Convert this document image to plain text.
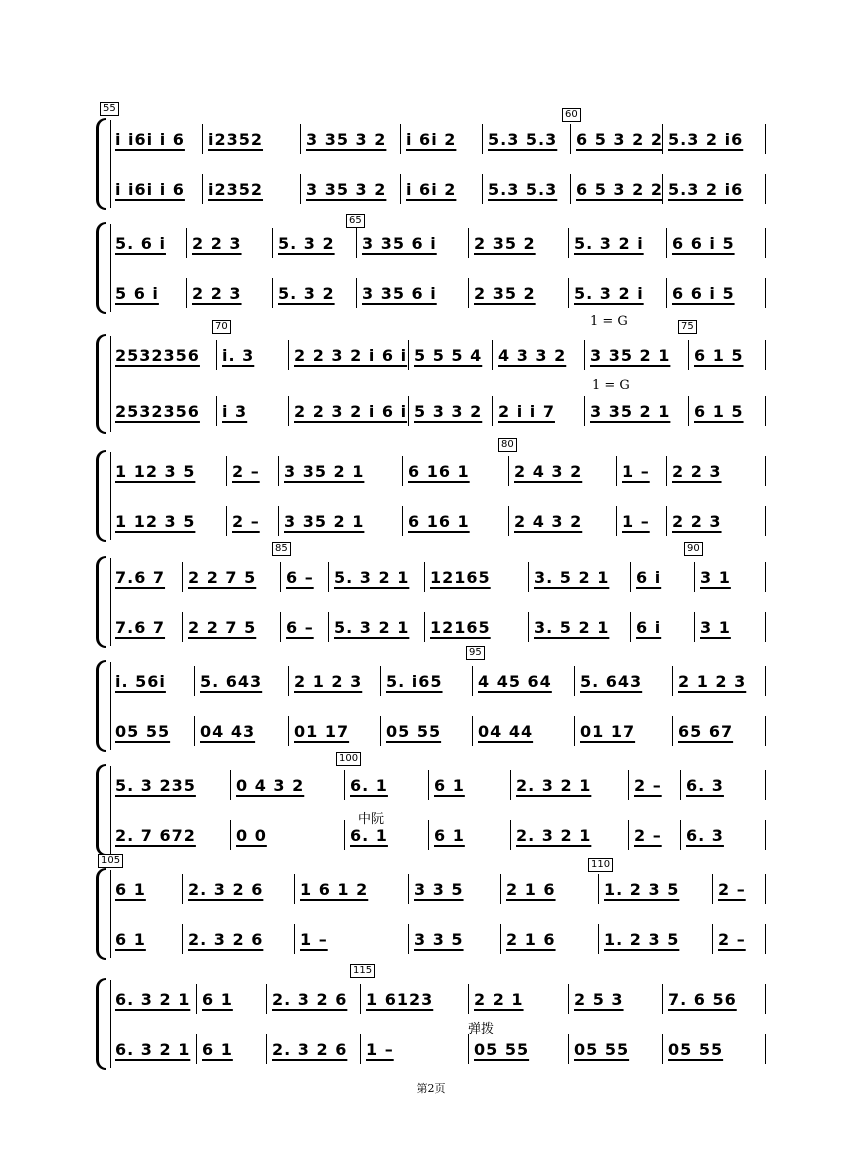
55
60
i i6i i 6 i2352	3 35 3 2 i 6i 2 5.3 5.3 6 5 3 2 2 5.3 2 i6
i i6i i 6 i2352	3 35 3 2 i 6i 2 5.3 5.3 6 5 3 2 2 5.3 2 i6
65
1 = G
5. 6 i 2 2 3 5. 3 2 3 35 6 i 2 35 2 5. 3 2 i 6 6 i 5
5 6 i 2 2 3 5. 3 2 3 35 6 i 2 35 2 5. 3 2 i 6 6 i 5
70	75
1 = G
2532356 i. 3 2 2 3 2 i 6 i 5 5 5 4 4 3 3 2 3 35 2 1 6 1 5
2532356 i 3	2 2 3 2 i 6 i 5 3 3 2 2 i i 7 3 35 2 1 6 1 5
80
1 12 3 5 2 – 3 35 2 1	6 16 1	2 4 3 2 1 – 2 2 3
1 12 3 5 2 – 3 35 2 1	6 16 1	2 4 3 2 1 – 2 2 3
85	90
7.6 7 2 2 7 5 6 – 5. 3 2 1 12165	3. 5 2 1 6 i 3 1
7.6 7 2 2 7 5 6 – 5. 3 2 1 12165	3. 5 2 1 6 i 3 1
95
i. 56i 5. 643 2 1 2 3 5. i65 4 45 64 5. 643 2 1 2 3
05 55 04 43 01 17 05 55 04 44	01 17	65 67
100
中阮
5. 3 235	0 4 3 2	6. 1	6 1	2. 3 2 1	2 – 6. 3
2. 7 672	0 0	6. 1	6 1	2. 3 2 1	2 – 6. 3
105	110
6 1	2. 3 2 6 1 6 1 2	3 3 5	2 1 6	1. 2 3 5 2 –
6 1	2. 3 2 6 1 –	3 3 5	2 1 6	1. 2 3 5 2 –
115
弹拨
6. 3 2 1 6 1 2. 3 2 6 1 6123	2 2 1	2 5 3	7. 6 56
6. 3 2 1 6 1 2. 3 2 6 1 –	05 55	05 55 05 55
第2页
